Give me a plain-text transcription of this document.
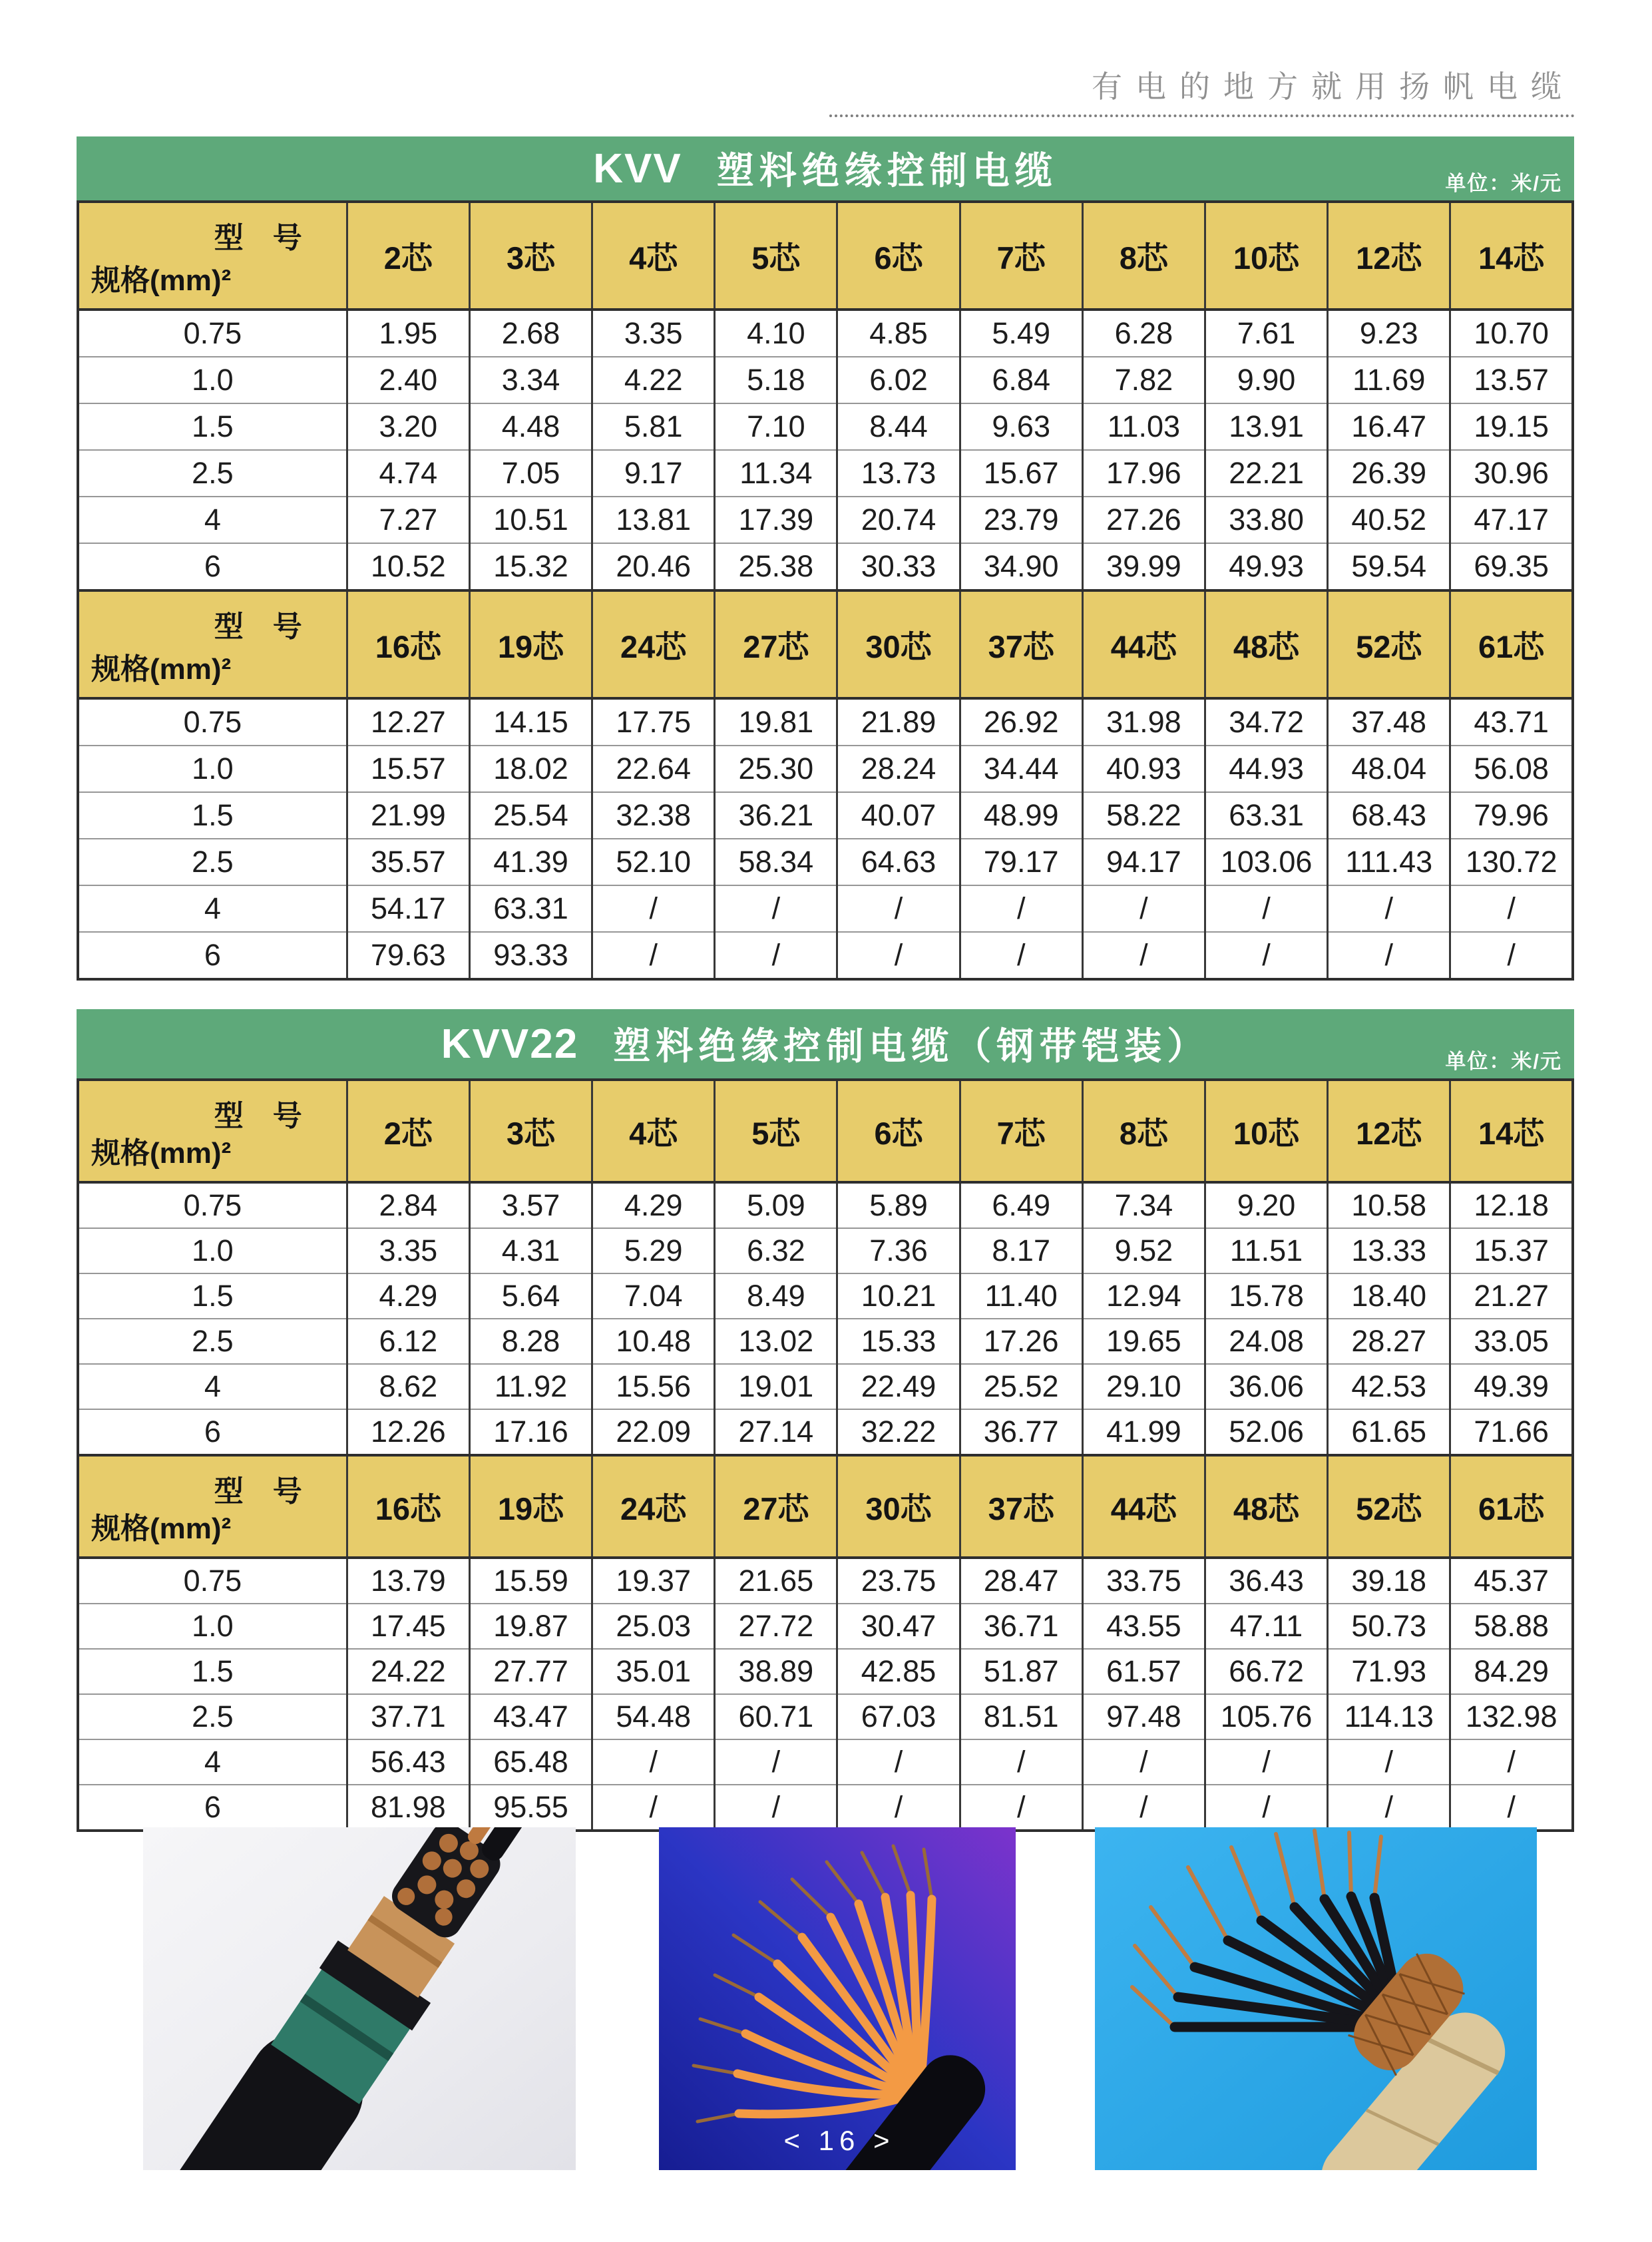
有电的地方就用扬帆电缆
KVV 塑料绝缘控制电缆	单位：米/元
型　号
规格(mm)²	2芯	3芯	4芯	5芯	6芯	7芯	8芯	10芯	12芯	14芯
0.75	1.95	2.68	3.35	4.10	4.85	5.49	6.28	7.61	9.23	10.70
1.0	2.40	3.34	4.22	5.18	6.02	6.84	7.82	9.90	11.69	13.57
1.5	3.20	4.48	5.81	7.10	8.44	9.63	11.03	13.91	16.47	19.15
2.5	4.74	7.05	9.17	11.34	13.73	15.67	17.96	22.21	26.39	30.96
4	7.27	10.51	13.81	17.39	20.74	23.79	27.26	33.80	40.52	47.17
6	10.52	15.32	20.46	25.38	30.33	34.90	39.99	49.93	59.54	69.35

型　号
规格(mm)²	16芯	19芯	24芯	27芯	30芯	37芯	44芯	48芯	52芯	61芯
0.75	12.27	14.15	17.75	19.81	21.89	26.92	31.98	34.72	37.48	43.71
1.0	15.57	18.02	22.64	25.30	28.24	34.44	40.93	44.93	48.04	56.08
1.5	21.99	25.54	32.38	36.21	40.07	48.99	58.22	63.31	68.43	79.96
2.5	35.57	41.39	52.10	58.34	64.63	79.17	94.17	103.06	111.43	130.72
4	54.17	63.31	/	/	/	/	/	/	/	/
6	79.63	93.33	/	/	/	/	/	/	/	/
KVV22 塑料绝缘控制电缆（钢带铠装）	单位：米/元
型　号
规格(mm)²	2芯	3芯	4芯	5芯	6芯	7芯	8芯	10芯	12芯	14芯
0.75	2.84	3.57	4.29	5.09	5.89	6.49	7.34	9.20	10.58	12.18
1.0	3.35	4.31	5.29	6.32	7.36	8.17	9.52	11.51	13.33	15.37
1.5	4.29	5.64	7.04	8.49	10.21	11.40	12.94	15.78	18.40	21.27
2.5	6.12	8.28	10.48	13.02	15.33	17.26	19.65	24.08	28.27	33.05
4	8.62	11.92	15.56	19.01	22.49	25.52	29.10	36.06	42.53	49.39
6	12.26	17.16	22.09	27.14	32.22	36.77	41.99	52.06	61.65	71.66

型　号
规格(mm)²	16芯	19芯	24芯	27芯	30芯	37芯	44芯	48芯	52芯	61芯
0.75	13.79	15.59	19.37	21.65	23.75	28.47	33.75	36.43	39.18	45.37
1.0	17.45	19.87	25.03	27.72	30.47	36.71	43.55	47.11	50.73	58.88
1.5	24.22	27.77	35.01	38.89	42.85	51.87	61.57	66.72	71.93	84.29
2.5	37.71	43.47	54.48	60.71	67.03	81.51	97.48	105.76	114.13	132.98
4	56.43	65.48	/	/	/	/	/	/	/	/
6	81.98	95.55	/	/	/	/	/	/	/	/
< 16 >
